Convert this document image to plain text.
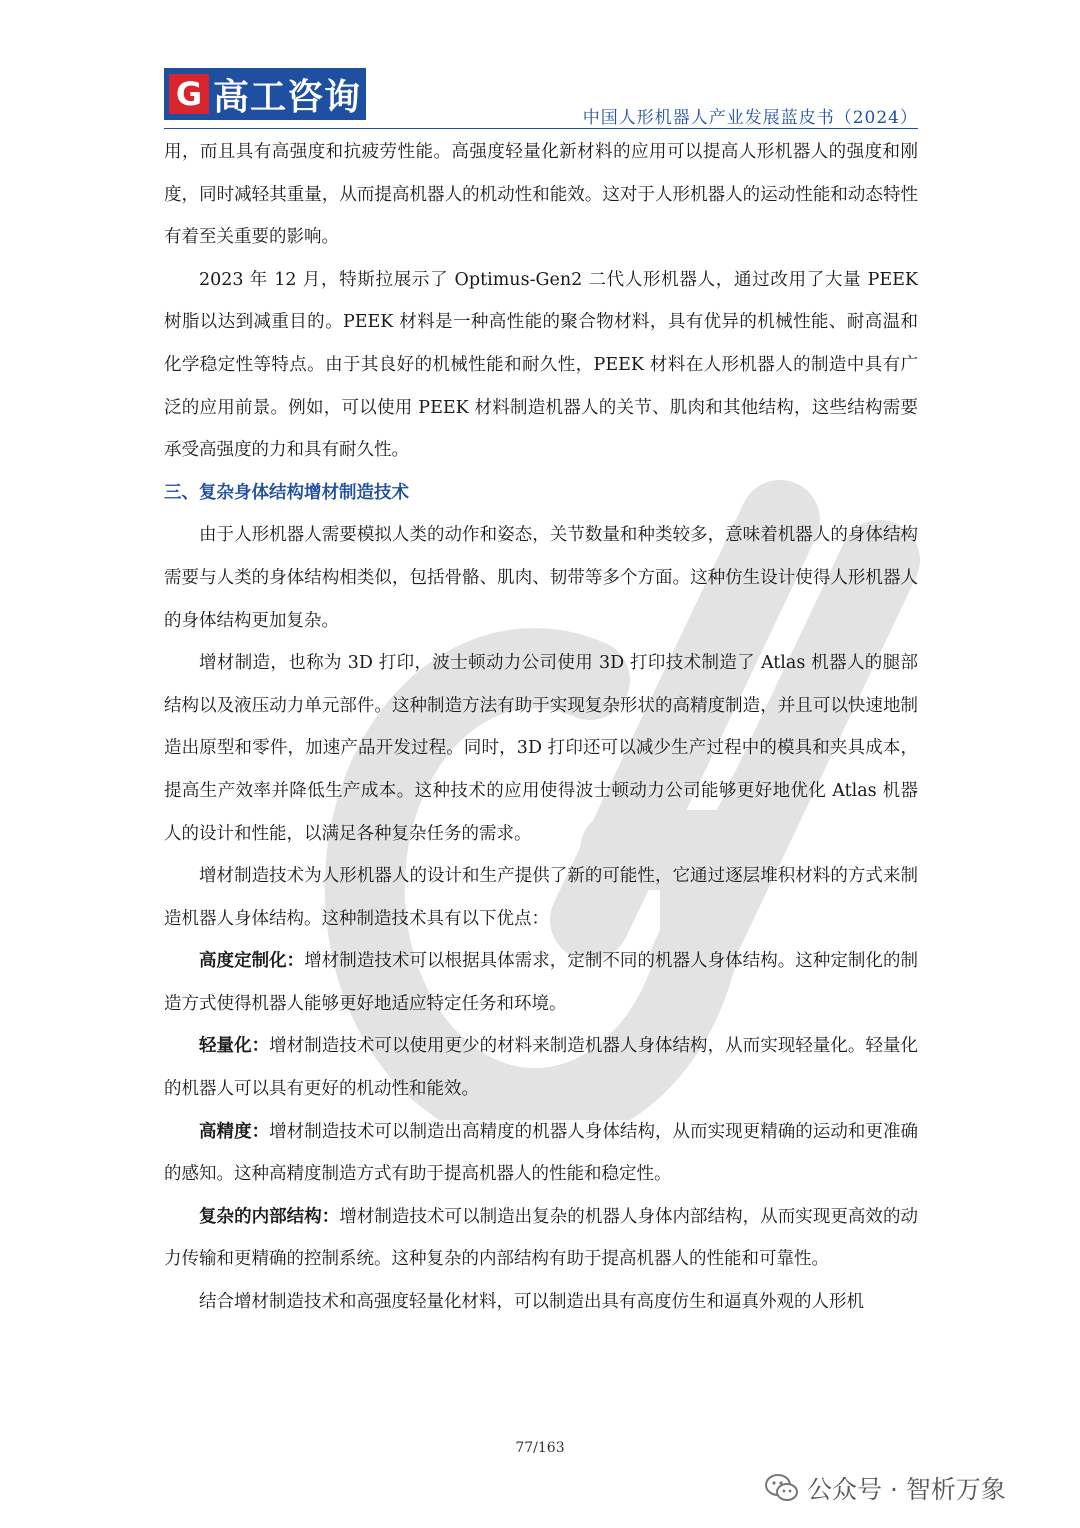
G 高工咨询
中国人形机器人产业发展蓝皮书（2024）

用，而且具有高强度和抗疲劳性能。高强度轻量化新材料的应用可以提高人形机器人的强度和刚度，同时减轻其重量，从而提高机器人的机动性和能效。这对于人形机器人的运动性能和动态特性有着至关重要的影响。

2023 年 12 月，特斯拉展示了 Optimus-Gen2 二代人形机器人，通过改用了大量 PEEK 树脂以达到减重目的。PEEK 材料是一种高性能的聚合物材料，具有优异的机械性能、耐高温和化学稳定性等特点。由于其良好的机械性能和耐久性，PEEK 材料在人形机器人的制造中具有广泛的应用前景。例如，可以使用 PEEK 材料制造机器人的关节、肌肉和其他结构，这些结构需要承受高强度的力和具有耐久性。

三、复杂身体结构增材制造技术

由于人形机器人需要模拟人类的动作和姿态，关节数量和种类较多，意味着机器人的身体结构需要与人类的身体结构相类似，包括骨骼、肌肉、韧带等多个方面。这种仿生设计使得人形机器人的身体结构更加复杂。

增材制造，也称为 3D 打印，波士顿动力公司使用 3D 打印技术制造了 Atlas 机器人的腿部结构以及液压动力单元部件。这种制造方法有助于实现复杂形状的高精度制造，并且可以快速地制造出原型和零件，加速产品开发过程。同时，3D 打印还可以减少生产过程中的模具和夹具成本，提高生产效率并降低生产成本。这种技术的应用使得波士顿动力公司能够更好地优化 Atlas 机器人的设计和性能，以满足各种复杂任务的需求。

增材制造技术为人形机器人的设计和生产提供了新的可能性，它通过逐层堆积材料的方式来制造机器人身体结构。这种制造技术具有以下优点：

高度定制化：增材制造技术可以根据具体需求，定制不同的机器人身体结构。这种定制化的制造方式使得机器人能够更好地适应特定任务和环境。

轻量化：增材制造技术可以使用更少的材料来制造机器人身体结构，从而实现轻量化。轻量化的机器人可以具有更好的机动性和能效。

高精度：增材制造技术可以制造出高精度的机器人身体结构，从而实现更精确的运动和更准确的感知。这种高精度制造方式有助于提高机器人的性能和稳定性。

复杂的内部结构：增材制造技术可以制造出复杂的机器人身体内部结构，从而实现更高效的动力传输和更精确的控制系统。这种复杂的内部结构有助于提高机器人的性能和可靠性。

结合增材制造技术和高强度轻量化材料，可以制造出具有高度仿生和逼真外观的人形机

77/163
公众号 · 智析万象
